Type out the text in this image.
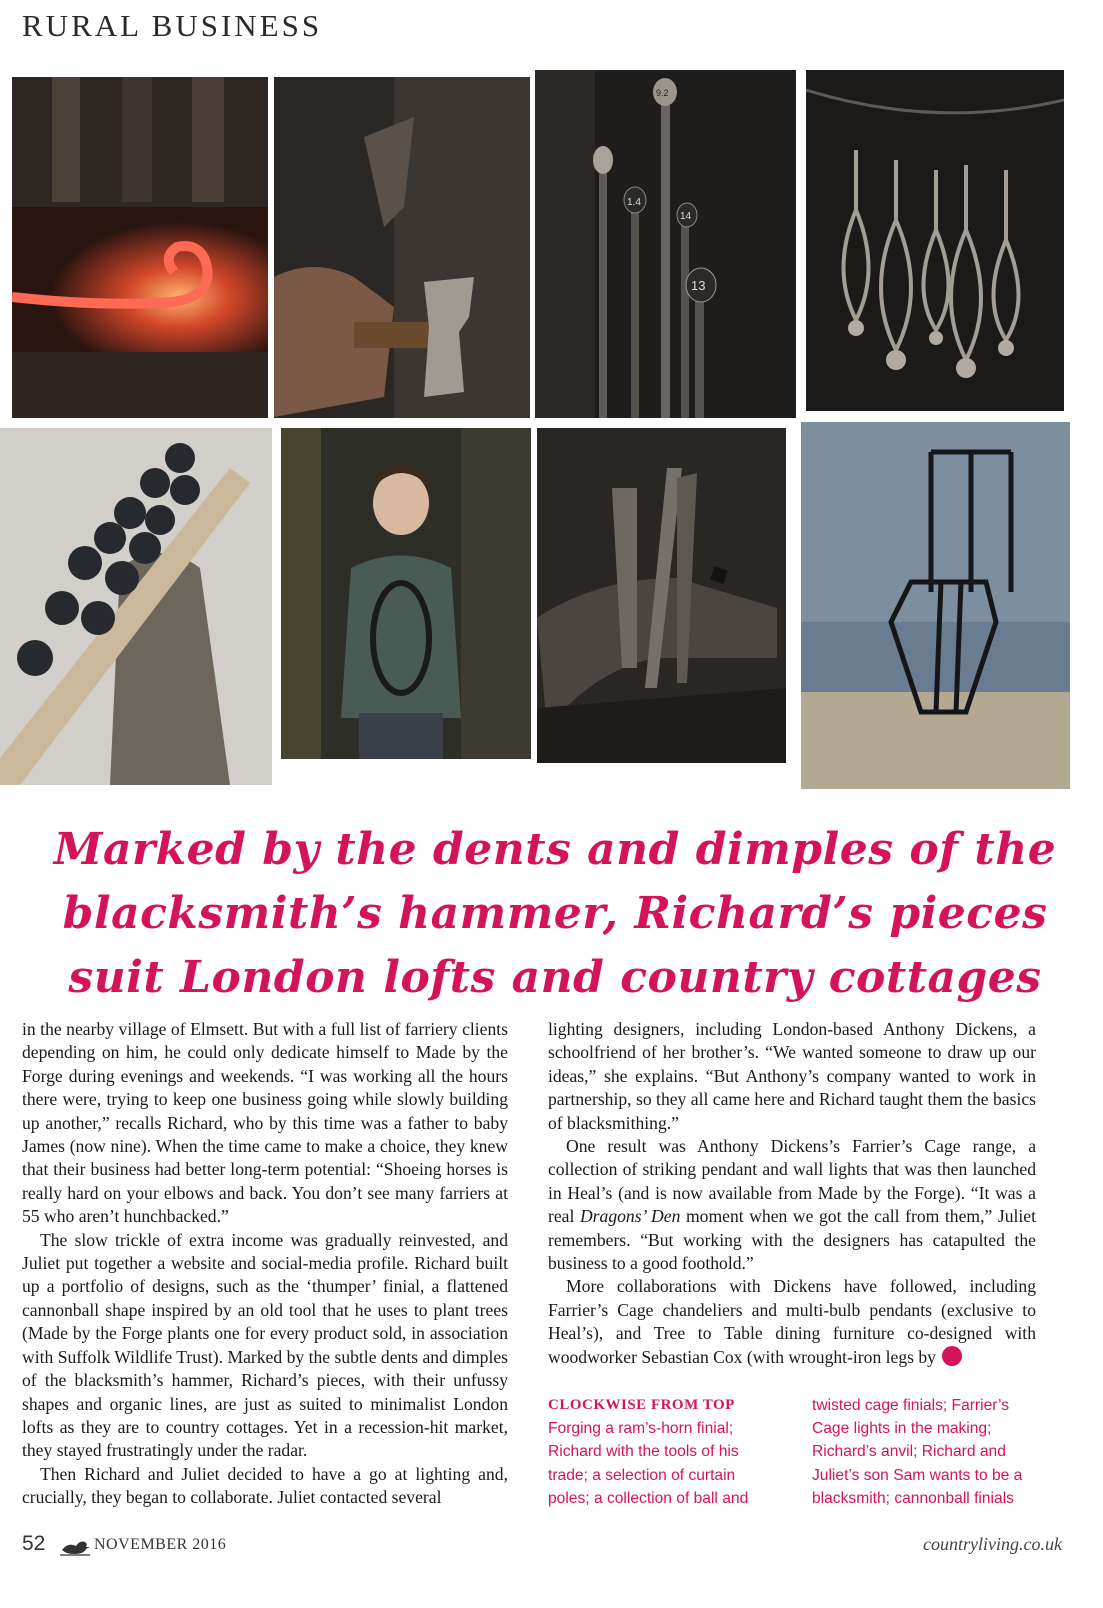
RURAL BUSINESS
1.4
9.2
14
13
Marked by the dents and dimples of the
blacksmith’s hammer, Richard’s pieces
suit London lofts and country cottages

in the nearby village of Elmsett. But with a full list of farriery clients depending on him, he could only dedicate himself to Made by the Forge during evenings and weekends. “I was working all the hours there were, trying to keep one business going while slowly building up another,” recalls Richard, who by this time was a father to baby James (now nine). When the time came to make a choice, they knew that their business had better long-term potential: “Shoeing horses is really hard on your elbows and back. You don’t see many farriers at 55 who aren’t hunchbacked.”

The slow trickle of extra income was gradually reinvested, and Juliet put together a website and social-media profile. Richard built up a portfolio of designs, such as the ‘thumper’ finial, a flattened cannonball shape inspired by an old tool that he uses to plant trees (Made by the Forge plants one for every product sold, in association with Suffolk Wildlife Trust). Marked by the subtle dents and dimples of the blacksmith’s hammer, Richard’s pieces, with their unfussy shapes and organic lines, are just as suited to minimalist London lofts as they are to country cottages. Yet in a recession-hit market, they stayed frustratingly under the radar.

Then Richard and Juliet decided to have a go at lighting and, crucially, they began to collaborate. Juliet contacted several

lighting designers, including London-based Anthony Dickens, a schoolfriend of her brother’s. “We wanted someone to draw up our ideas,” she explains. “But Anthony’s company wanted to work in partnership, so they all came here and Richard taught them the basics of blacksmithing.”

One result was Anthony Dickens’s Farrier’s Cage range, a collection of striking pendant and wall lights that was then launched in Heal’s (and is now available from Made by the Forge). “It was a real Dragons’ Den moment when we got the call from them,” Juliet remembers. “But working with the designers has catapulted the business to a good foothold.”

More collaborations with Dickens have followed, including Farrier’s Cage chandeliers and multi-bulb pendants (exclusive to Heal’s), and Tree to Table dining furniture co-designed with woodworker Sebastian Cox (with wrought-iron legs by→

CLOCKWISE FROM TOP
Forging a ram’s-horn finial; Richard with the tools of his trade; a selection of curtain poles; a collection of ball and
twisted cage finials; Farrier’s Cage lights in the making; Richard’s anvil; Richard and Juliet’s son Sam wants to be a blacksmith; cannonball finials
52	NOVEMBER 2016	countryliving.co.uk
